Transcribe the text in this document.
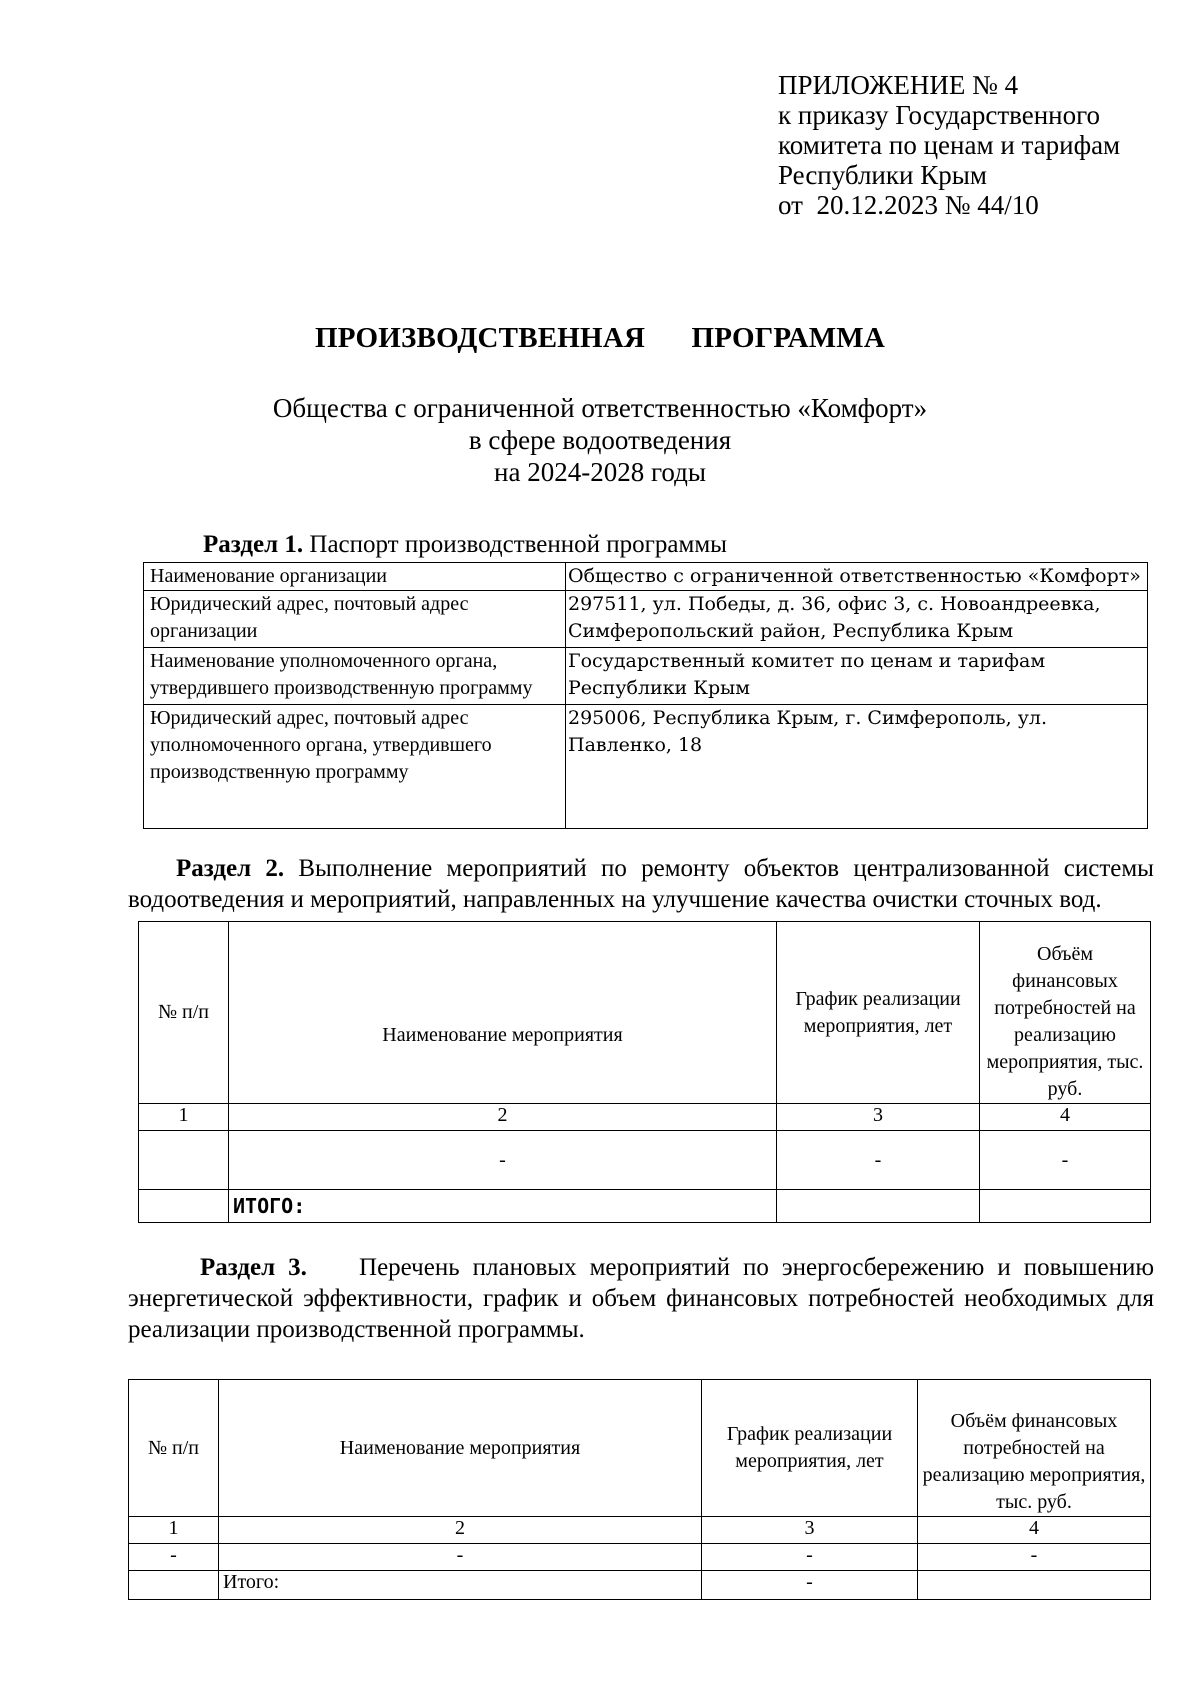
ПРИЛОЖЕНИЕ № 4
к приказу Государственного
комитета по ценам и тарифам
Республики Крым
от  20.12.2023 № 44/10
ПРОИЗВОДСТВЕННАЯ   ПРОГРАММА
Общества с ограниченной ответственностью «Комфорт»
в сфере водоотведения
на 2024-2028 годы
Раздел 1. Паспорт производственной программы
Наименование организации	Общество с ограниченной ответственностью «Комфорт»
Юридический адрес, почтовый адрес организации	297511, ул. Победы, д. 36, офис 3, с. Новоандреевка, Симферопольский район, Республика Крым
Наименование уполномоченного органа, утвердившего производственную программу	Государственный комитет по ценам и тарифам Республики Крым
Юридический адрес, почтовый адрес уполномоченного органа, утвердившего производственную программу	295006, Республика Крым, г. Симферополь, ул. Павленко, 18
Раздел 2. Выполнение мероприятий по ремонту объектов централизованной системы водоотведения и мероприятий, направленных на улучшение качества очистки сточных вод.
№ п/п	Наименование мероприятия	График реализации мероприятия, лет	Объём финансовых потребностей на реализацию мероприятия, тыс. руб.
1	2	3	4
	-	-	-
	ИТОГО:		
Раздел 3.    Перечень плановых мероприятий по энергосбережению и повышению энергетической эффективности, график и объем финансовых потребностей необходимых для реализации производственной программы.
№ п/п	Наименование мероприятия	График реализации мероприятия, лет	Объём финансовых потребностей на реализацию мероприятия, тыс. руб.
1	2	3	4
-	-	-	-
	Итого:	-	
